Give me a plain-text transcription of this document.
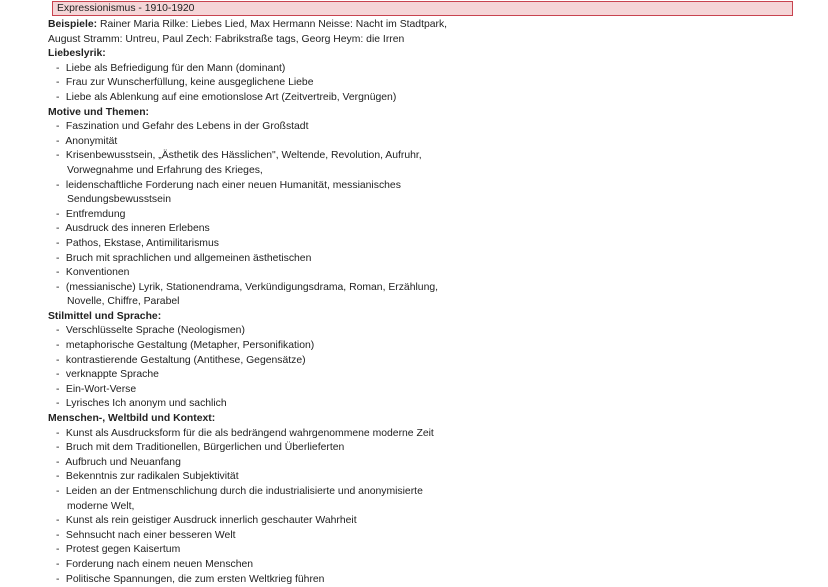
Expressionismus - 1910-1920
Beispiele: Rainer Maria Rilke: Liebes Lied, Max Hermann Neisse: Nacht im Stadtpark,
August Stramm: Untreu, Paul Zech: Fabrikstraße tags, Georg Heym: die Irren
Liebeslyrik:
- Liebe als Befriedigung für den Mann (dominant)
- Frau zur Wunscherfüllung, keine ausgeglichene Liebe
- Liebe als Ablenkung auf eine emotionslose Art (Zeitvertreib, Vergnügen)
Motive und Themen:
- Faszination und Gefahr des Lebens in der Großstadt
- Anonymität
- Krisenbewusstsein, „Ästhetik des Hässlichen", Weltende, Revolution, Aufruhr,
Vorwegnahme und Erfahrung des Krieges,
- leidenschaftliche Forderung nach einer neuen Humanität, messianisches
Sendungsbewusstsein
- Entfremdung
- Ausdruck des inneren Erlebens
- Pathos, Ekstase, Antimilitarismus
- Bruch mit sprachlichen und allgemeinen ästhetischen
- Konventionen
- (messianische) Lyrik, Stationendrama, Verkündigungsdrama, Roman, Erzählung,
Novelle, Chiffre, Parabel
Stilmittel und Sprache:
- Verschlüsselte Sprache (Neologismen)
- metaphorische Gestaltung (Metapher, Personifikation)
- kontrastierende Gestaltung (Antithese, Gegensätze)
- verknappte Sprache
- Ein-Wort-Verse
- Lyrisches Ich anonym und sachlich
Menschen-, Weltbild und Kontext:
- Kunst als Ausdrucksform für die als bedrängend wahrgenommene moderne Zeit
- Bruch mit dem Traditionellen, Bürgerlichen und Überlieferten
- Aufbruch und Neuanfang
- Bekenntnis zur radikalen Subjektivität
- Leiden an der Entmenschlichung durch die industrialisierte und anonymisierte
moderne Welt,
- Kunst als rein geistiger Ausdruck innerlich geschauter Wahrheit
- Sehnsucht nach einer besseren Welt
- Protest gegen Kaisertum
- Forderung nach einem neuen Menschen
- Politische Spannungen, die zum ersten Weltkrieg führen
